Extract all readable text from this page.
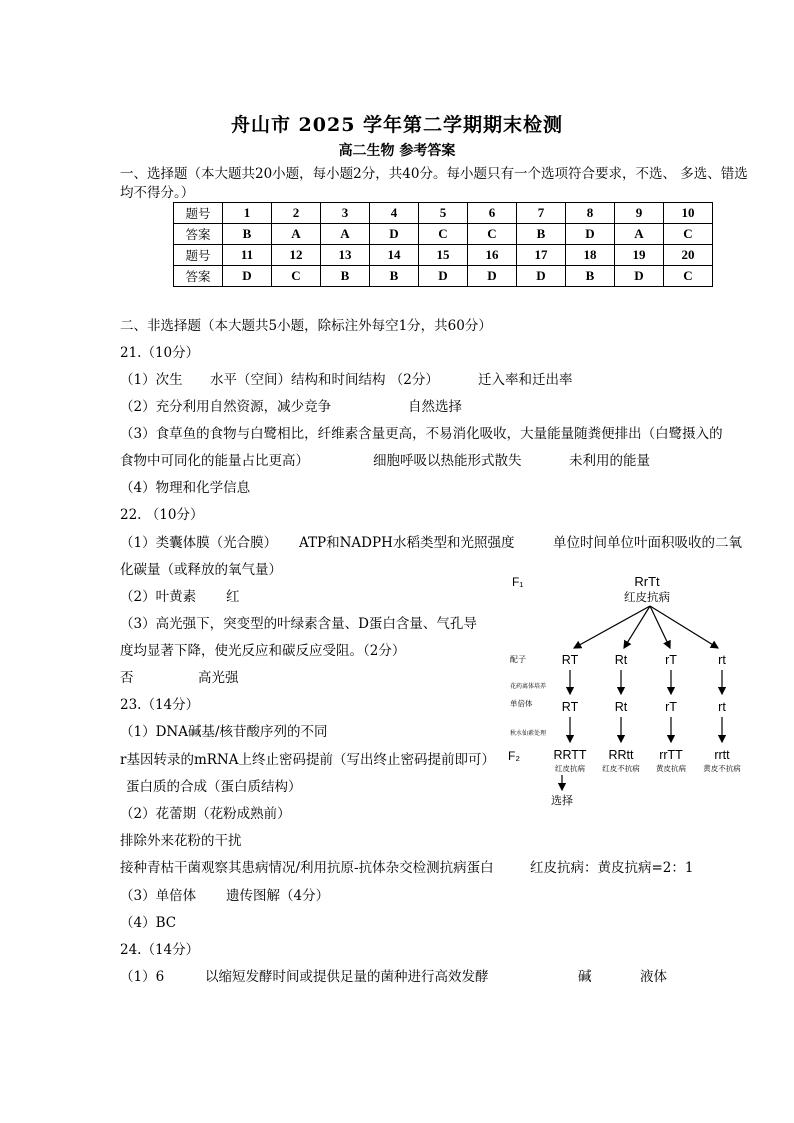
舟山市 2025 学年第二学期期末检测
高二生物 参考答案
一、选择题（本大题共20小题，每小题2分，共40分。每小题只有一个选项符合要求，不选、 多选、错选
均不得分。）
题号	1	2	3	4	5	6	7	8	9	10
答案	B	A	A	D	C	C	B	D	A	C
题号	11	12	13	14	15	16	17	18	19	20
答案	D	C	B	B	D	D	D	B	D	C
二、非选择题（本大题共5小题，除标注外每空1分，共60分）
21.（10分）
（1）次生 水平（空间）结构和时间结构 （2分）	迁入率和迁出率
（2）充分利用自然资源，减少竞争	自然选择
（3）食草鱼的食物与白鹭相比，纤维素含量更高，不易消化吸收，大量能量随粪便排出（白鹭摄入的
食物中可同化的能量占比更高）	细胞呼吸以热能形式散失	未利用的能量
（4）物理和化学信息
22. （10分）
（1）类囊体膜（光合膜） ATP和NADPH 水稻类型和光照强度	单位时间单位叶面积吸收的二氧
化碳量（或释放的氧气量）
（2）叶黄素 红
（3）高光强下，突变型的叶绿素含量、D蛋白含量、气孔导
度均显著下降，使光反应和碳反应受阻。（2分）
否	高光强
23.（14分）
（1）DNA碱基/核苷酸序列的不同
r基因转录的mRNA上终止密码提前（写出终止密码提前即可）
蛋白质的合成（蛋白质结构）
（2）花蕾期（花粉成熟前）
排除外来花粉的干扰
接种青枯干菌观察其患病情况/利用抗原-抗体杂交检测抗病蛋白	红皮抗病：黄皮抗病=2：1
（3）单倍体 遗传图解（4分）
（4）BC
24.（14分）
（1）6	以缩短发酵时间或提供足量的菌种进行高效发酵	碱	液体
F₁	RrTt
红皮抗病
配子	RT	Rt	rT	rt
花药离体培养
单倍体 RT	Rt	rT	rt
秋水仙素处理
F₂	RRTT RRtt rrTT	rrtt
红皮抗病 红皮不抗病 黄皮抗病 黄皮不抗病
选择
